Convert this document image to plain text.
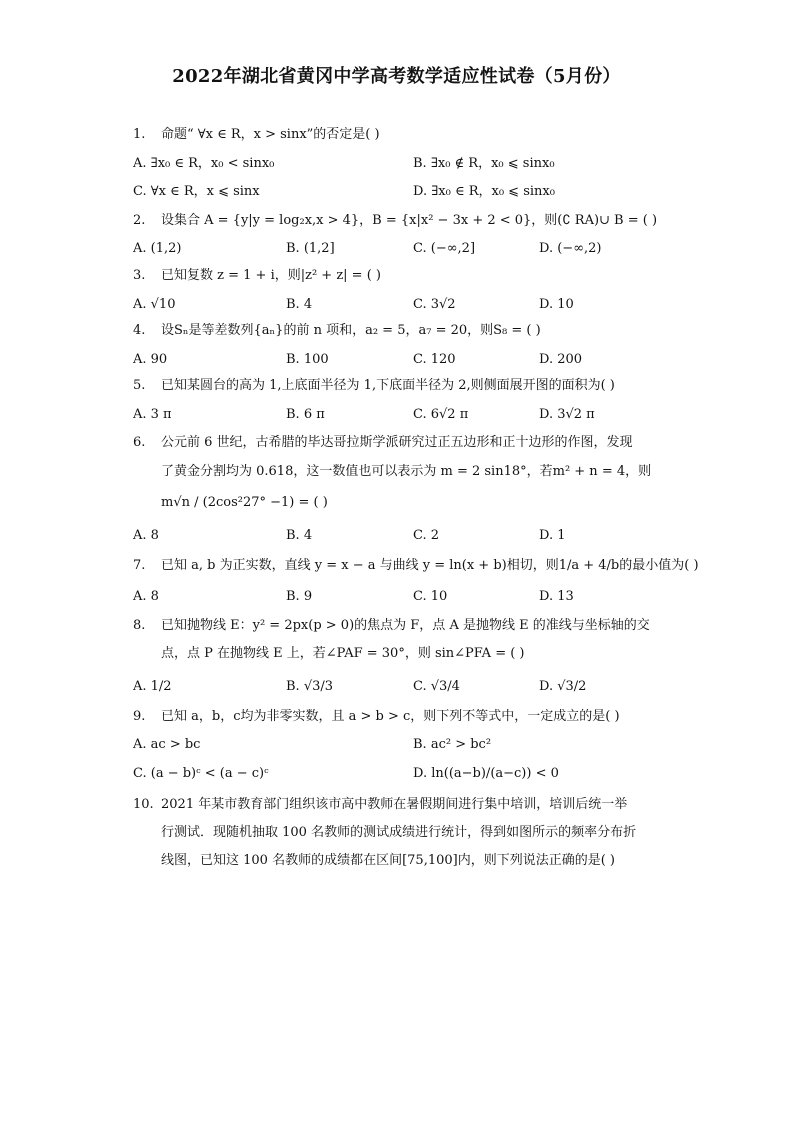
2022年湖北省黄冈中学高考数学适应性试卷（5月份）
1. 命题“ ∀x ∈ R，x > sinx”的否定是( )
A. ∃x₀ ∈ R，x₀ < sinx₀	B. ∃x₀ ∉ R，x₀ ⩽ sinx₀
C. ∀x ∈ R，x ⩽ sinx	D. ∃x₀ ∈ R，x₀ ⩽ sinx₀
2. 设集合 A = {y|y = log₂x,x > 4}，B = {x|x² − 3x + 2 < 0}，则(∁ RA)∪ B = ( )
A. (1,2)	B. (1,2]	C. (−∞,2]	D. (−∞,2)
3. 已知复数 z = 1 + i，则|z² + z| = ( )
A. √10	B. 4	C. 3√2	D. 10
4. 设Sₙ是等差数列{aₙ}的前 n 项和，a₂ = 5，a₇ = 20，则S₈ = ( )
A. 90	B. 100	C. 120	D. 200
5. 已知某圆台的高为 1,上底面半径为 1,下底面半径为 2,则侧面展开图的面积为( )
A. 3 π	B. 6 π	C. 6√2 π	D. 3√2 π
6. 公元前 6 世纪，古希腊的毕达哥拉斯学派研究过正五边形和正十边形的作图，发现
了黄金分割均为 0.618，这一数值也可以表示为 m = 2 sin18°，若m² + n = 4，则
m√n / (2cos²27° −1) = ( )
A. 8	B. 4	C. 2	D. 1
7. 已知 a, b 为正实数，直线 y = x − a 与曲线 y = ln(x + b)相切，则1/a + 4/b的最小值为( )
A. 8	B. 9	C. 10	D. 13
8. 已知抛物线 E：y² = 2px(p > 0)的焦点为 F，点 A 是抛物线 E 的准线与坐标轴的交
点，点 P 在抛物线 E 上，若∠PAF = 30°，则 sin∠PFA = ( )
A. 1/2	B. √3/3	C. √3/4	D. √3/2
9. 已知 a，b，c均为非零实数，且 a > b > c，则下列不等式中，一定成立的是( )
A. ac > bc	B. ac² > bc²
C. (a − b)ᶜ < (a − c)ᶜ	D. ln((a−b)/(a−c)) < 0
10. 2021 年某市教育部门组织该市高中教师在暑假期间进行集中培训，培训后统一举
行测试．现随机抽取 100 名教师的测试成绩进行统计，得到如图所示的频率分布折
线图，已知这 100 名教师的成绩都在区间[75,100]内，则下列说法正确的是( )
